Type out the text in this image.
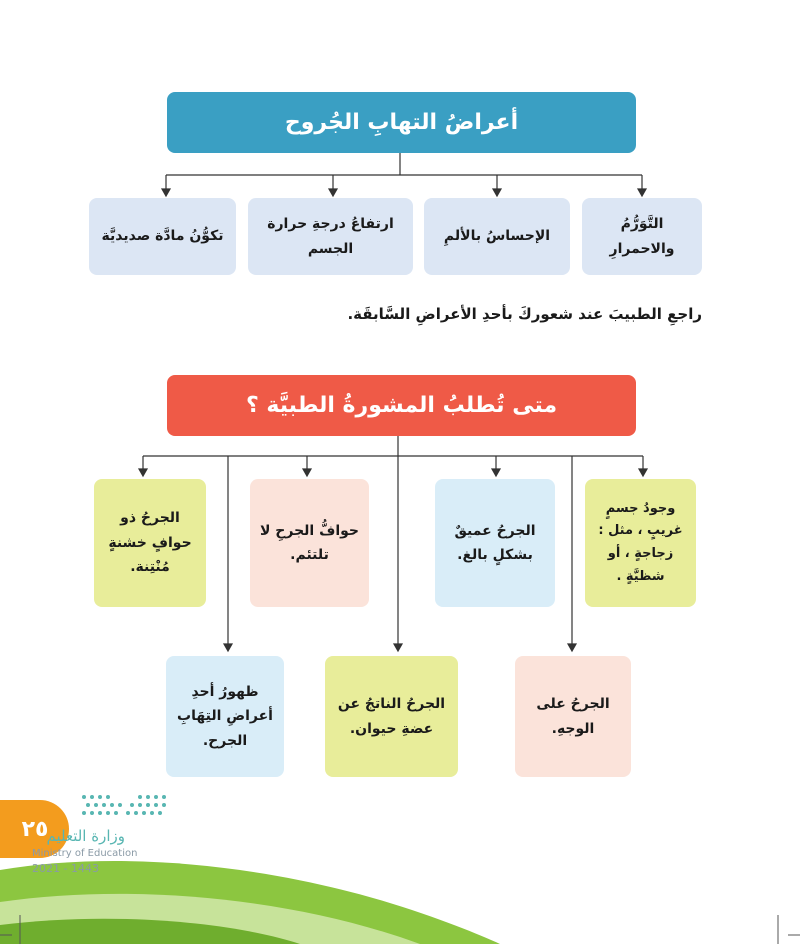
أعراضُ التهابِ الجُروح
التَّوَرُّمُ والاحمرارِ
الإحساسُ بالألمِ
ارتفاعُ درجةِ حرارة الجسم
تكوُّنُ مادَّة صديديَّة
راجعِ الطبيبَ عند شعوركَ بأحدِ الأعراضِ السَّابقَة.
متى تُطلبُ المشورةُ الطبيَّة ؟
وجودُ جسمٍ غريبٍ ، مثل : زجاجةٍ ، أو شظيَّةٍ .
الجرحُ عميقٌ بشكلٍ بالغ.
حوافُّ الجرحِ لا تلتئم.
الجرحُ ذو حوافٍ خشنةٍ مُنْتِنة.
الجرحُ على الوجهِ.
الجرحُ الناتجُ عن عضةِ حيوان.
ظهورُ أحدِ أعراضِ التِهَابِ الجرح.
٢٥
وزارة التعليم
Ministry of Education
2021 - 1443
